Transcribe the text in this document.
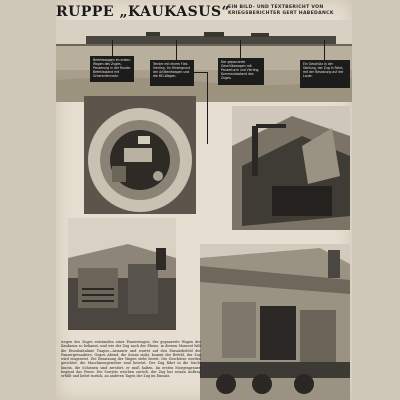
RUPPE „KAUKASUS“
EIN BILD- UND TEXTBERICHT VON KRIEGSBERICHTER GERT HABEDANCK
Befehlswagen im ersten Wagen des Zuges. Panzerung in der Runde. Befehlsstand mit Scherenfernrohr.
Tender mit einem Flak-Vierling. Im Hintergrund der Artilleriewagen und die MG-Wagen.
Der gepanzerte Geschützwagen mit Panzerturm und Vierling, Kommandostand des Zuges.
Ein Geschütz in der Stellung, der Zug in Fahrt, mit der Besatzung auf der Lauer.
wegen des Zuges entstanden einer Panzerwagen, der gepanzerte Wagen des Kaukasus so bekannt, und wie der Zug nach der Ebene, in diesem Moment hält die Eisenbahnlinie Tuapse—Armawir und wartet auf den Einsatzbefehl der Panzergrenadiere. Gegen Abend, die Sonne sinkt, kommt der Befehl, der Zug wird eingesetzt. Die Besatzung der Wagen steht bereit. Die Geschütze werden gerichtet, die Maschinengewehre sind besetzt. Der Zug fährt in die Nacht hinein, die Schienen sind zerstört, er muß halten. Im ersten Morgengrauen beginnt das Feuer. Die Sowjets weichen zurück, der Zug hat seinen Auftrag erfüllt und kehrt zurück, an anderen Tagen der Zug im Einsatz.
